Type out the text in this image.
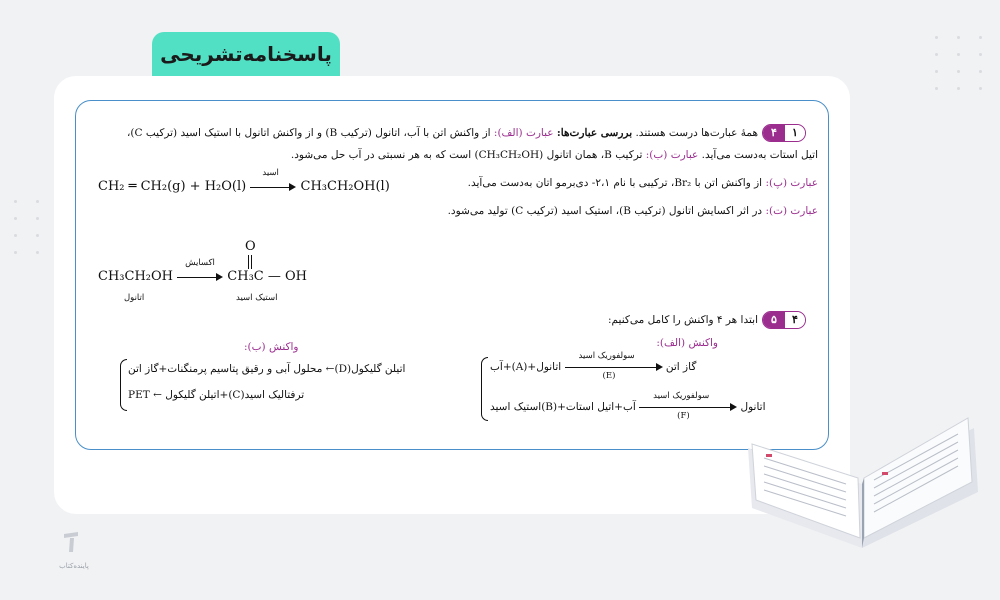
پاسخنامه‌تشریحی
۴	۱
همهٔ عبارت‌ها درست هستند. بررسی عبارت‌ها: عبارت (الف): از واکنش اتن با آب، اتانول (ترکیب B) و از واکنش اتانول با استیک اسید (ترکیب C)،
اتیل استات به‌دست می‌آید. عبارت (ب): ترکیب B، همان اتانول (CH₃CH₂OH) است که به هر نسبتی در آب حل می‌شود.
CH₂ ═ CH₂(g) + H₂O(l)
اسید
CH₃CH₂OH(l)	عبارت (پ): از واکنش اتن با Br₂، ترکیبی با نام ۲،۱- دی‌برمو اتان به‌دست می‌آید.
عبارت (ت): در اثر اکسایش اتانول (ترکیب B)، استیک اسید (ترکیب C) تولید می‌شود.
CH₃CH₂OH
اکسایش
CH₃C — OH
O
اتانول	استیک اسید
۵	۴
ابتدا هر ۴ واکنش را کامل می‌کنیم:
واکنش (الف):
آب+(A)+گاز اتن
سولفوریک اسید
(E)
اتانول
استیک اسید(B)+اتانول
سولفوریک اسید
(F)
آب+اتیل استات
واکنش (ب):
اتیلن گلیکول(D)← محلول آبی و رقیق پتاسیم پرمنگنات+گاز اتن
ترفتالیک اسید(C)+اتیلن گلیکول ← PET
پاینده‌کتاب
